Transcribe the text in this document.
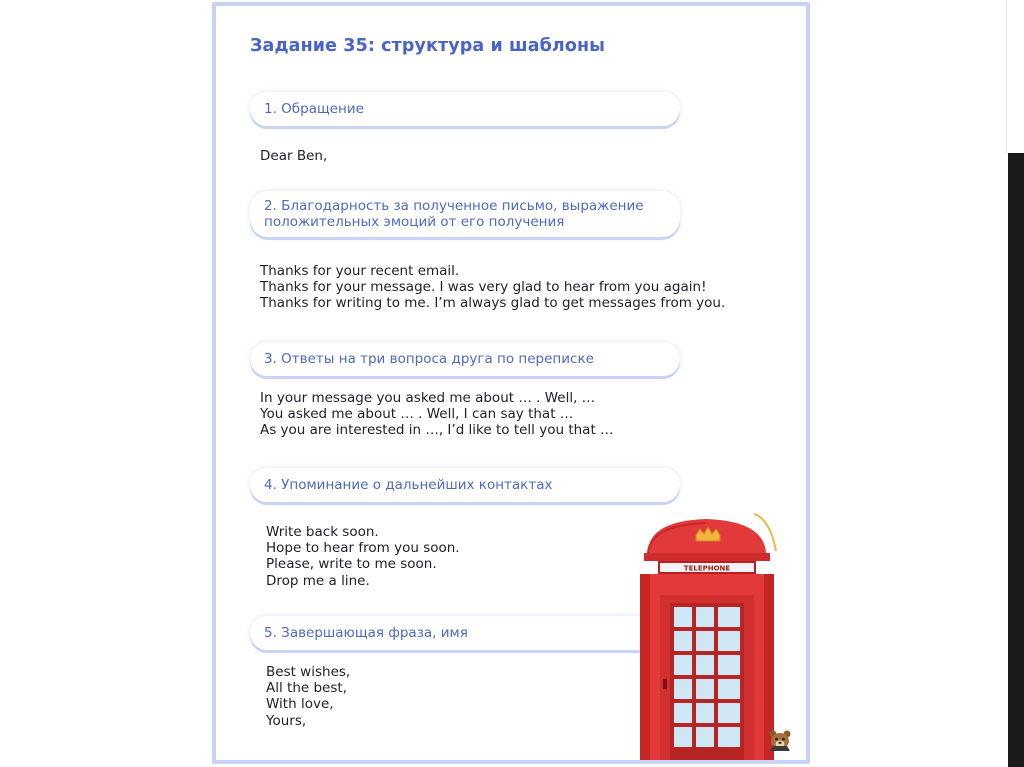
Задание 35: структура и шаблоны
1. Обращение
Dear Ben,
2. Благодарность за полученное письмо, выражение
положительных эмоций от его получения
Thanks for your recent email.
Thanks for your message. I was very glad to hear from you again!
Thanks for writing to me. I’m always glad to get messages from you.
3. Ответы на три вопроса друга по переписке
In your message you asked me about … . Well, …
You asked me about … . Well, I can say that …
As you are interested in …, I’d like to tell you that …
4. Упоминание о дальнейших контактах
Write back soon.
Hope to hear from you soon.
Please, write to me soon.
Drop me a line.
5. Завершающая фраза, имя
Best wishes,
All the best,
With love,
Yours,
TELEPHONE
